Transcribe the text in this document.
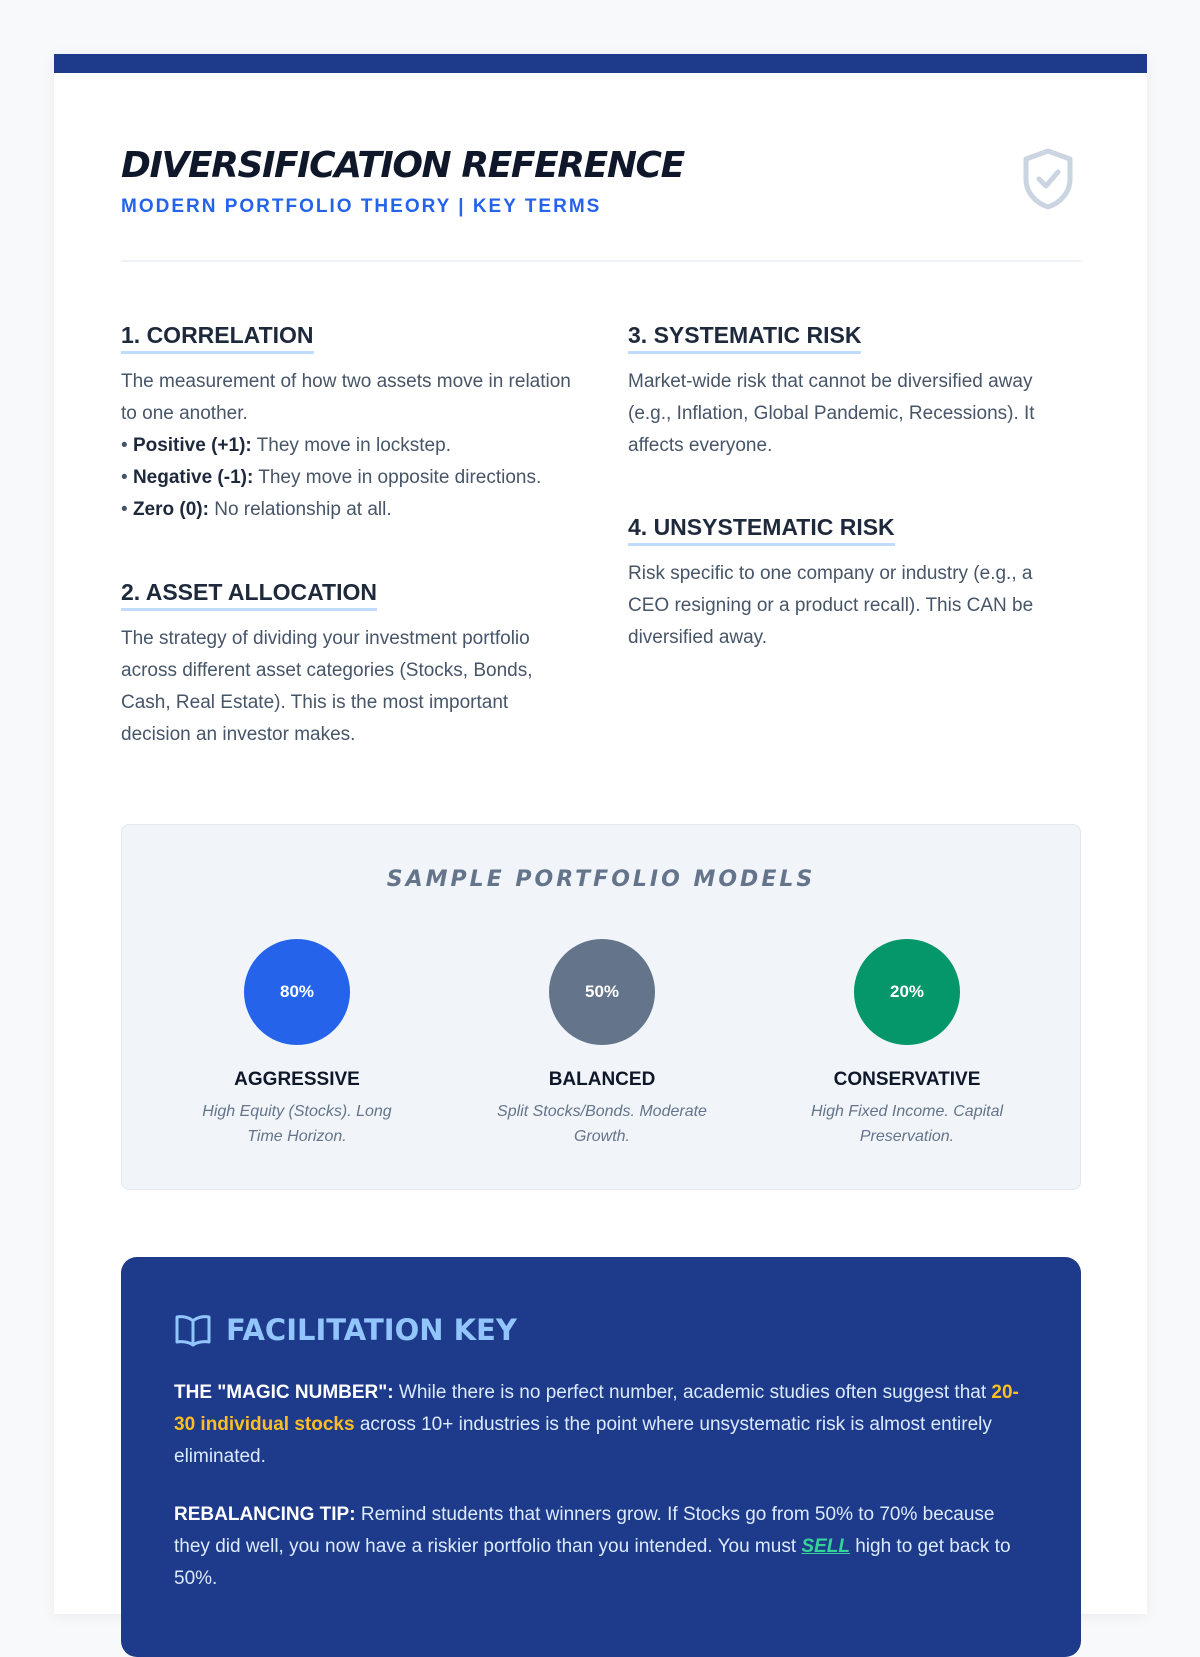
DIVERSIFICATION REFERENCE
MODERN PORTFOLIO THEORY | KEY TERMS
1. CORRELATION
The measurement of how two assets move in relation to one another.
• Positive (+1): They move in lockstep.
• Negative (-1): They move in opposite directions.
• Zero (0): No relationship at all.
2. ASSET ALLOCATION
The strategy of dividing your investment portfolio across different asset categories (Stocks, Bonds, Cash, Real Estate). This is the most important decision an investor makes.
3. SYSTEMATIC RISK
Market-wide risk that cannot be diversified away (e.g., Inflation, Global Pandemic, Recessions). It affects everyone.
4. UNSYSTEMATIC RISK
Risk specific to one company or industry (e.g., a CEO resigning or a product recall). This CAN be diversified away.
SAMPLE PORTFOLIO MODELS
80%
AGGRESSIVE
High Equity (Stocks). Long Time Horizon.
50%
BALANCED
Split Stocks/Bonds. Moderate Growth.
20%
CONSERVATIVE
High Fixed Income. Capital Preservation.
FACILITATION KEY

THE "MAGIC NUMBER": While there is no perfect number, academic studies often suggest that 20-30 individual stocks across 10+ industries is the point where unsystematic risk is almost entirely eliminated.

REBALANCING TIP: Remind students that winners grow. If Stocks go from 50% to 70% because they did well, you now have a riskier portfolio than you intended. You must SELL high to get back to 50%.
